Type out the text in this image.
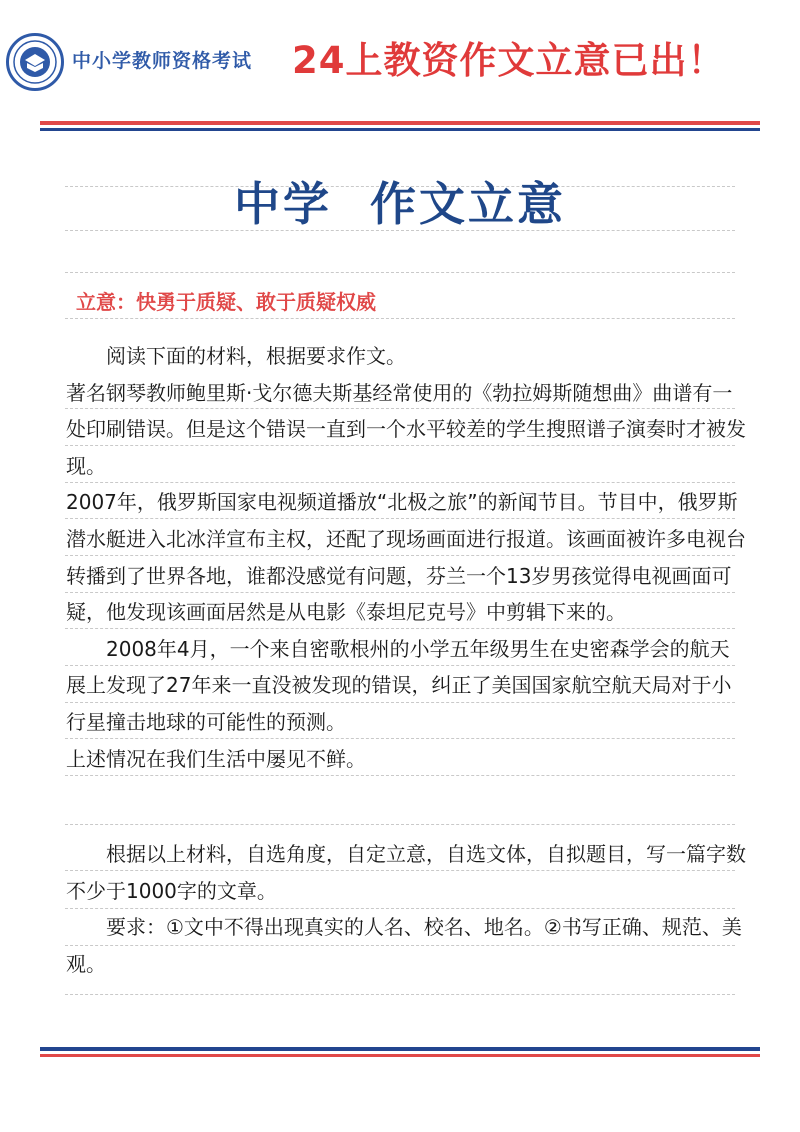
中小学教师资格考试 24上教资作文立意已出！
中学  作文立意
立意：快勇于质疑、敢于质疑权威

阅读下面的材料，根据要求作文。

著名钢琴教师鲍里斯·戈尔德夫斯基经常使用的《勃拉姆斯随想曲》曲谱有一处印刷错误。但是这个错误一直到一个水平较差的学生搜照谱子演奏时才被发现。

2007年，俄罗斯国家电视频道播放“北极之旅”的新闻节目。节目中，俄罗斯潜水艇进入北冰洋宣布主权，还配了现场画面进行报道。该画面被许多电视台转播到了世界各地，谁都没感觉有问题，芬兰一个13岁男孩觉得电视画面可疑，他发现该画面居然是从电影《泰坦尼克号》中剪辑下来的。

2008年4月，一个来自密歌根州的小学五年级男生在史密森学会的航天展上发现了27年来一直没被发现的错误，纠正了美国国家航空航天局对于小行星撞击地球的可能性的预测。

上述情况在我们生活中屡见不鲜。

根据以上材料，自选角度，自定立意，自选文体，自拟题目，写一篇字数不少于1000字的文章。

要求：①文中不得出现真实的人名、校名、地名。②书写正确、规范、美观。
